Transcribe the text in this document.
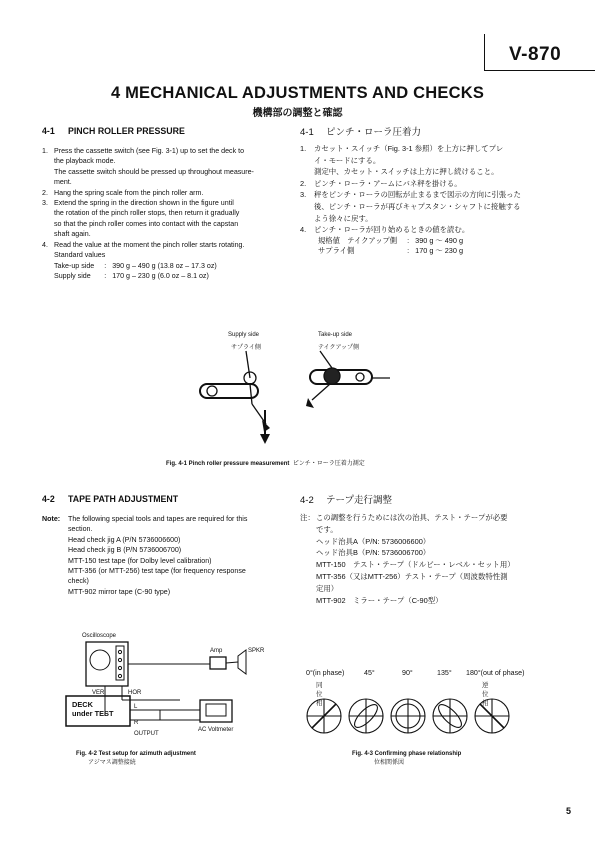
V-870
4 MECHANICAL ADJUSTMENTS AND CHECKS
機構部の調整と確認
4-1 PINCH ROLLER PRESSURE
1. Press the cassette switch (see Fig. 3-1) up to set the deck to
the playback mode.
The cassette switch should be pressed up throughout measure-
ment.
2. Hang the spring scale from the pinch roller arm.
3. Extend the spring in the direction shown in the figure until
the rotation of the pinch roller stops, then return it gradually
so that the pinch roller comes into contact with the capstan
shaft again.
4. Read the value at the moment the pinch roller starts rotating.
Standard values
Take-up side	:	390 g – 490 g (13.8 oz – 17.3 oz)
Supply side	:	170 g – 230 g (6.0 oz – 8.1 oz)
4-1 ピンチ・ローラ圧着力
1. カセット・スイッチ（Fig. 3-1 参照）を上方に押してプレ
イ・モードにする。
測定中、カセット・スイッチは上方に押し続けること。
2. ピンチ・ローラ・アームにバネ秤を掛ける。
3. 秤をピンチ・ローラの回転が止まるまで図示の方向に引張った
後、ピンチ・ローラが再びキャプスタン・シャフトに接触する
よう徐々に戻す。
4. ピンチ・ローラが回り始めるときの値を読む。
規格値　テイクアップ側	:	390 g ～ 490 g
サプライ側	:	170 g ～ 230 g
Supply side
サプライ側
Take-up side
テイクアップ側
Fig. 4-1 Pinch roller pressure measurement ピンチ・ローラ圧着力測定
4-2 TAPE PATH ADJUSTMENT
Note: The following special tools and tapes are required for this
section.
Head check jig A (P/N 5736006600)
Head check jig B (P/N 5736006700)
MTT-150 test tape (for Dolby level calibration)
MTT-356 (or MTT-256) test tape (for frequency response
check)
MTT-902 mirror tape (C-90 type)
4-2 テープ走行調整
注： この調整を行うためには次の治具、テスト・テープが必要
です。
ヘッド治具A（P/N: 5736006600）
ヘッド治具B（P/N: 5736006700）
MTT-150　テスト・テープ（ドルビー・レベル・セット用）
MTT-356（又はMTT-256）テスト・テープ（周波数特性測
定用）
MTT-902　ミラー・テープ（C-90型）
Oscilloscope
Amp	SPKR
VER	HOR
DECK
under TEST
L
R
OUTPUT
AC Voltmeter
Fig. 4-2 Test setup for azimuth adjustment
アジマス調整接続
0°(in phase)	45°	90°	135° 180°(out of phase)
同位相
逆位相
Fig. 4-3 Confirming phase relationship
位相関係図
5
